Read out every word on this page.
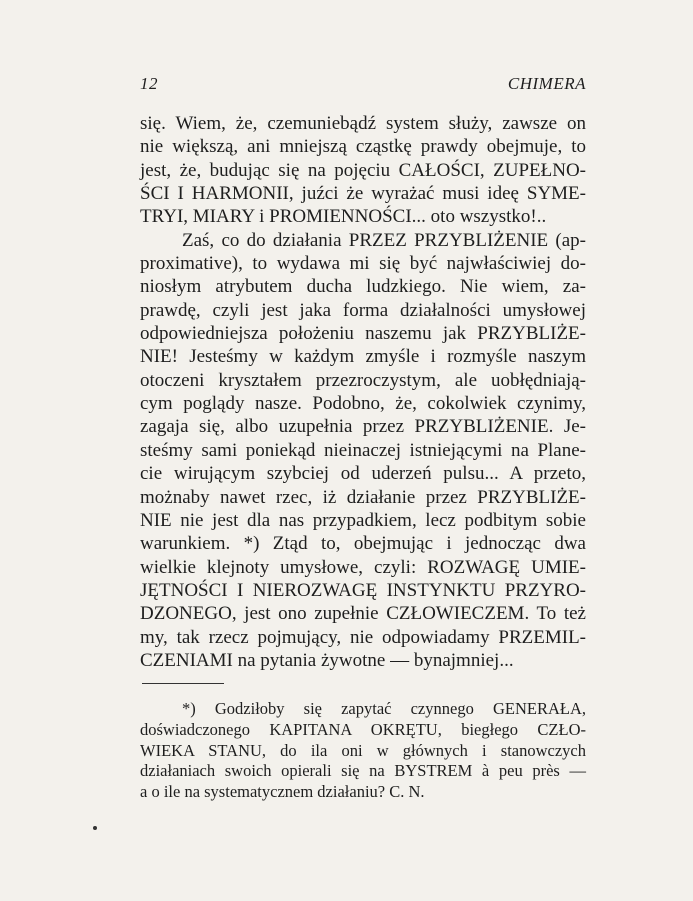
12	CHIMERA
się. Wiem, że, czemuniebądź system służy, zawsze on
nie większą, ani mniejszą cząstkę prawdy obejmuje, to
jest, że, budując się na pojęciu CAŁOŚCI, ZUPEŁNO-
ŚCI I HARMONII, juźci że wyrażać musi ideę SYME-
TRYI, MIARY i PROMIENNOŚCI... oto wszystko!..
Zaś, co do działania PRZEZ PRZYBLIŻENIE (ap-
proximative), to wydawa mi się być najwłaściwiej do-
niosłym atrybutem ducha ludzkiego. Nie wiem, za-
prawdę, czyli jest jaka forma działalności umysłowej
odpowiedniejsza położeniu naszemu jak PRZYBLIŻE-
NIE! Jesteśmy w każdym zmyśle i rozmyśle naszym
otoczeni kryształem przezroczystym, ale uobłędniają-
cym poglądy nasze. Podobno, że, cokolwiek czynimy,
zagaja się, albo uzupełnia przez PRZYBLIŻENIE. Je-
steśmy sami poniekąd nieinaczej istniejącymi na Plane-
cie wirującym szybciej od uderzeń pulsu... A przeto,
możnaby nawet rzec, iż działanie przez PRZYBLIŻE-
NIE nie jest dla nas przypadkiem, lecz podbitym sobie
warunkiem. *) Ztąd to, obejmując i jednocząc dwa
wielkie klejnoty umysłowe, czyli: ROZWAGĘ UMIE-
JĘTNOŚCI I NIEROZWAGĘ INSTYNKTU PRZYRO-
DZONEGO, jest ono zupełnie CZŁOWIECZEM. To też
my, tak rzecz pojmujący, nie odpowiadamy PRZEMIL-
CZENIAMI na pytania żywotne — bynajmniej...
*) Godziłoby się zapytać czynnego GENERAŁA,
doświadczonego KAPITANA OKRĘTU, biegłego CZŁO-
WIEKA STANU, do ila oni w głównych i stanowczych
działaniach swoich opierali się na BYSTREM à peu près —
a o ile na systematycznem działaniu? C. N.
